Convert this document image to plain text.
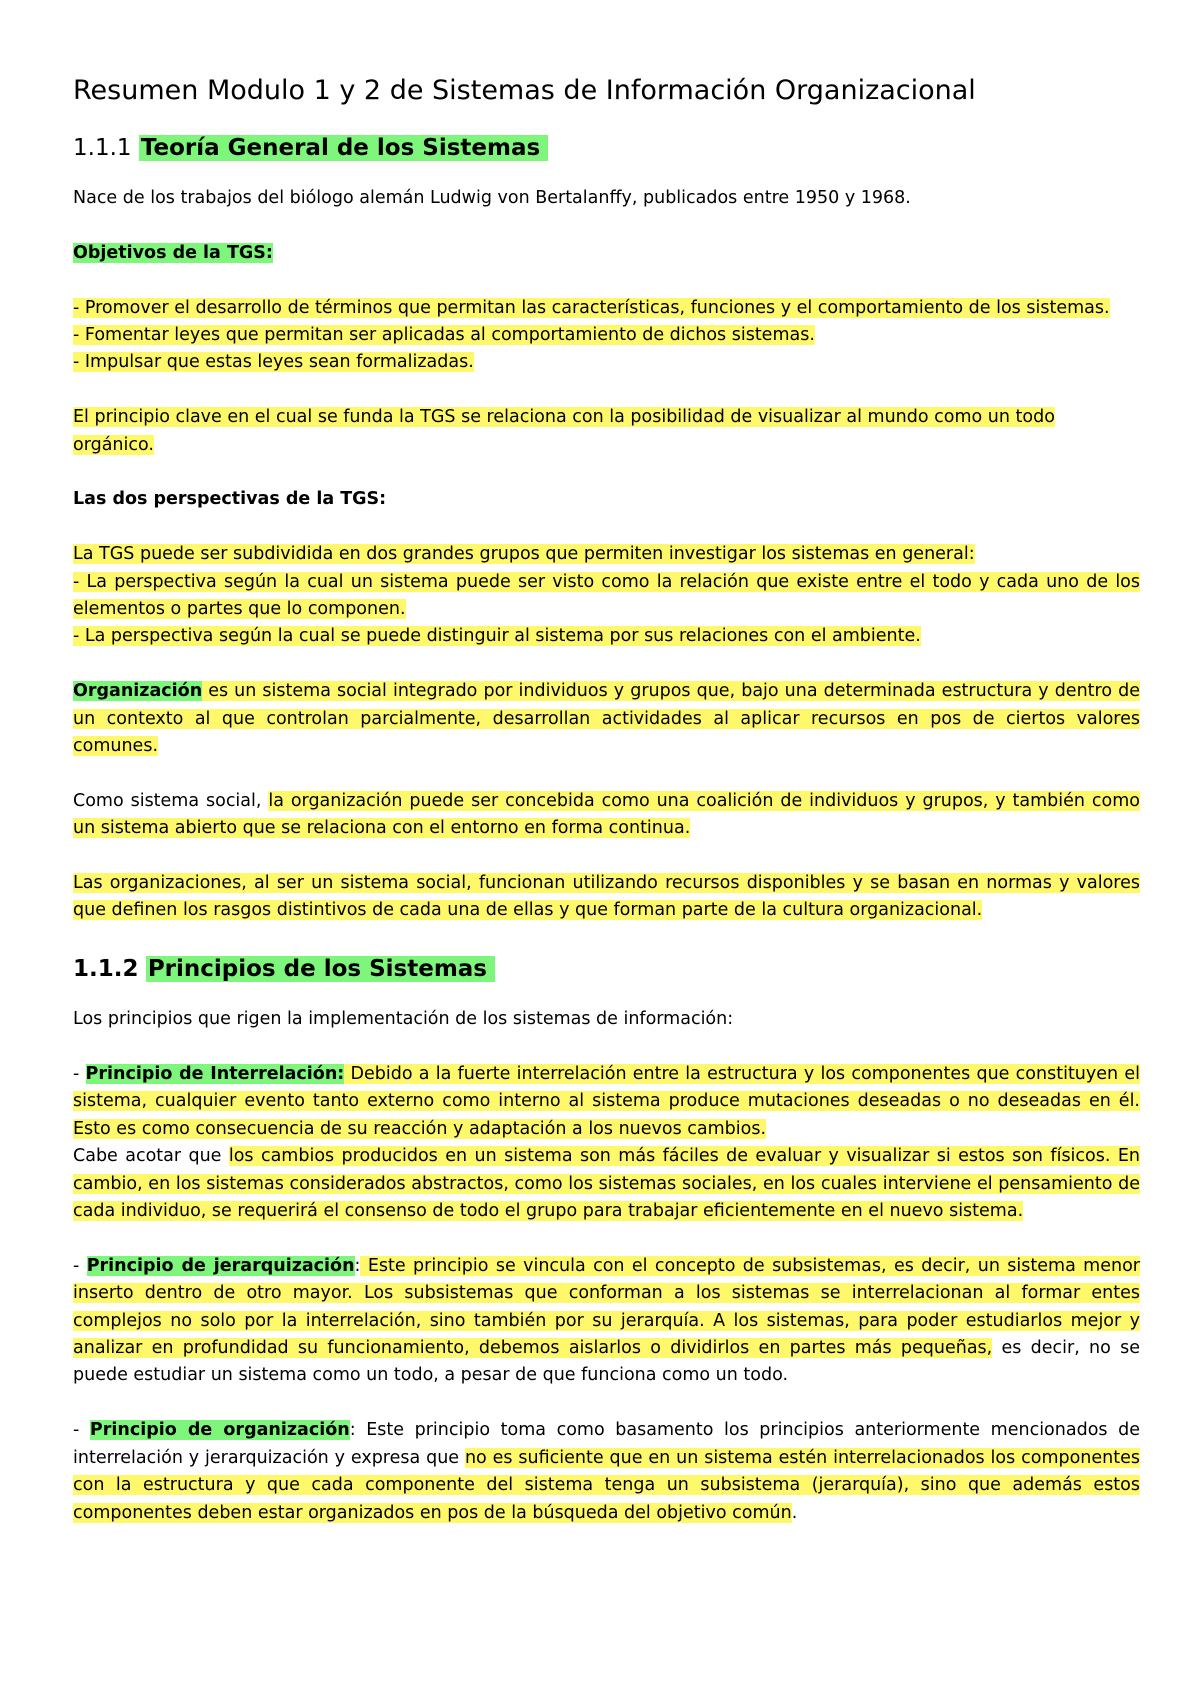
Resumen Modulo 1 y 2 de Sistemas de Información Organizacional
1.1.1 Teoría General de los Sistemas

Nace de los trabajos del biólogo alemán Ludwig von Bertalanffy, publicados entre 1950 y 1968.

Objetivos de la TGS:

- Promover el desarrollo de términos que permitan las características, funciones y el comportamiento de los sistemas.
- Fomentar leyes que permitan ser aplicadas al comportamiento de dichos sistemas.
- Impulsar que estas leyes sean formalizadas.

El principio clave en el cual se funda la TGS se relaciona con la posibilidad de visualizar al mundo como un todo orgánico.

Las dos perspectivas de la TGS:

La TGS puede ser subdividida en dos grandes grupos que permiten investigar los sistemas en general:
- La perspectiva según la cual un sistema puede ser visto como la relación que existe entre el todo y cada uno de los elementos o partes que lo componen.
- La perspectiva según la cual se puede distinguir al sistema por sus relaciones con el ambiente.

Organización es un sistema social integrado por individuos y grupos que, bajo una determinada estructura y dentro de un contexto al que controlan parcialmente, desarrollan actividades al aplicar recursos en pos de ciertos valores comunes.

Como sistema social, la organización puede ser concebida como una coalición de individuos y grupos, y también como un sistema abierto que se relaciona con el entorno en forma continua.

Las organizaciones, al ser un sistema social, funcionan utilizando recursos disponibles y se basan en normas y valores que definen los rasgos distintivos de cada una de ellas y que forman parte de la cultura organizacional.

1.1.2 Principios de los Sistemas

Los principios que rigen la implementación de los sistemas de información:

- Principio de Interrelación: Debido a la fuerte interrelación entre la estructura y los componentes que constituyen el sistema, cualquier evento tanto externo como interno al sistema produce mutaciones deseadas o no deseadas en él. Esto es como consecuencia de su reacción y adaptación a los nuevos cambios.

Cabe acotar que los cambios producidos en un sistema son más fáciles de evaluar y visualizar si estos son físicos. En cambio, en los sistemas considerados abstractos, como los sistemas sociales, en los cuales interviene el pensamiento de cada individuo, se requerirá el consenso de todo el grupo para trabajar eficientemente en el nuevo sistema.

- Principio de jerarquización: Este principio se vincula con el concepto de subsistemas, es decir, un sistema menor inserto dentro de otro mayor. Los subsistemas que conforman a los sistemas se interrelacionan al formar entes complejos no solo por la interrelación, sino también por su jerarquía. A los sistemas, para poder estudiarlos mejor y analizar en profundidad su funcionamiento, debemos aislarlos o dividirlos en partes más pequeñas, es decir, no se puede estudiar un sistema como un todo, a pesar de que funciona como un todo.

- Principio de organización: Este principio toma como basamento los principios anteriormente mencionados de interrelación y jerarquización y expresa que no es suficiente que en un sistema estén interrelacionados los componentes con la estructura y que cada componente del sistema tenga un subsistema (jerarquía), sino que además estos componentes deben estar organizados en pos de la búsqueda del objetivo común.
